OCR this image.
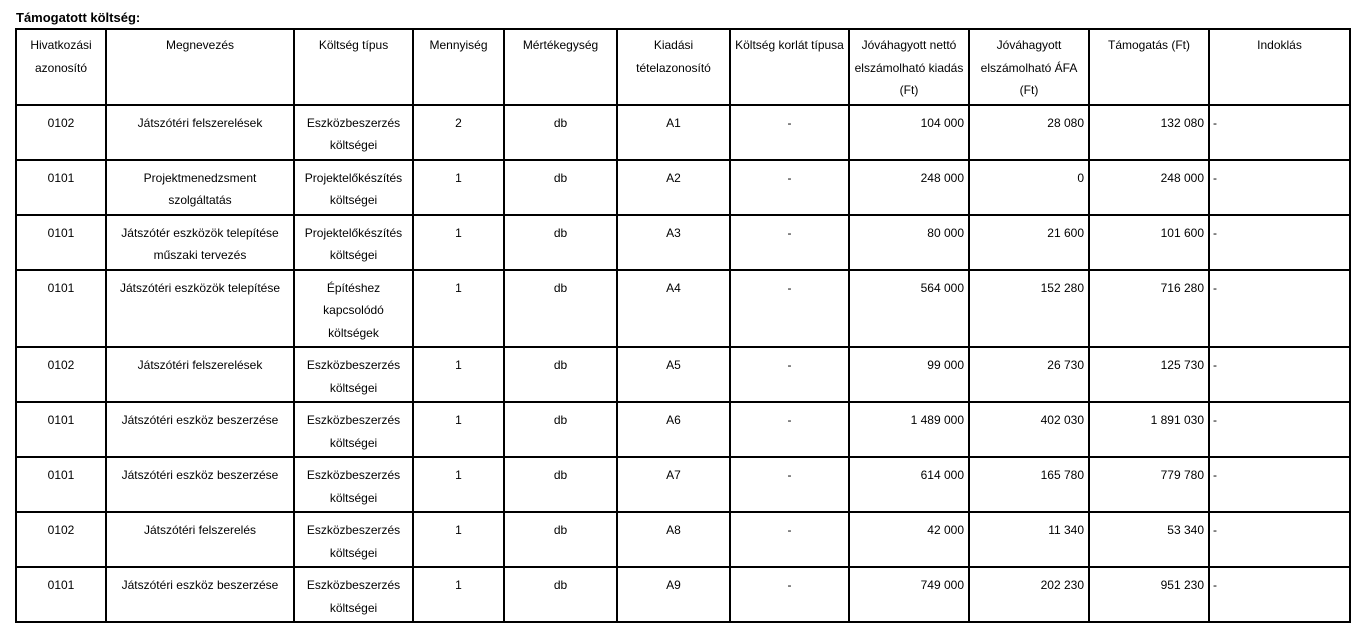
Támogatott költség:
Hivatkozási azonosító	Megnevezés	Költség típus	Mennyiség	Mértékegység	Kiadási tételazonosító	Költség korlát típusa	Jóváhagyott nettó elszámolható kiadás (Ft)	Jóváhagyott elszámolható ÁFA (Ft)	Támogatás (Ft)	Indoklás
0102	Játszótéri felszerelések	Eszközbeszerzés költségei	2	db	A1	-	104 000	28 080	132 080	-
0101	Projektmenedzsment szolgáltatás	Projektelőkészítés költségei	1	db	A2	-	248 000	0	248 000	-
0101	Játszótér eszközök telepítése műszaki tervezés	Projektelőkészítés költségei	1	db	A3	-	80 000	21 600	101 600	-
0101	Játszótéri eszközök telepítése	Építéshez kapcsolódó költségek	1	db	A4	-	564 000	152 280	716 280	-
0102	Játszótéri felszerelések	Eszközbeszerzés költségei	1	db	A5	-	99 000	26 730	125 730	-
0101	Játszótéri eszköz beszerzése	Eszközbeszerzés költségei	1	db	A6	-	1 489 000	402 030	1 891 030	-
0101	Játszótéri eszköz beszerzése	Eszközbeszerzés költségei	1	db	A7	-	614 000	165 780	779 780	-
0102	Játszótéri felszerelés	Eszközbeszerzés költségei	1	db	A8	-	42 000	11 340	53 340	-
0101	Játszótéri eszköz beszerzése	Eszközbeszerzés költségei	1	db	A9	-	749 000	202 230	951 230	-
